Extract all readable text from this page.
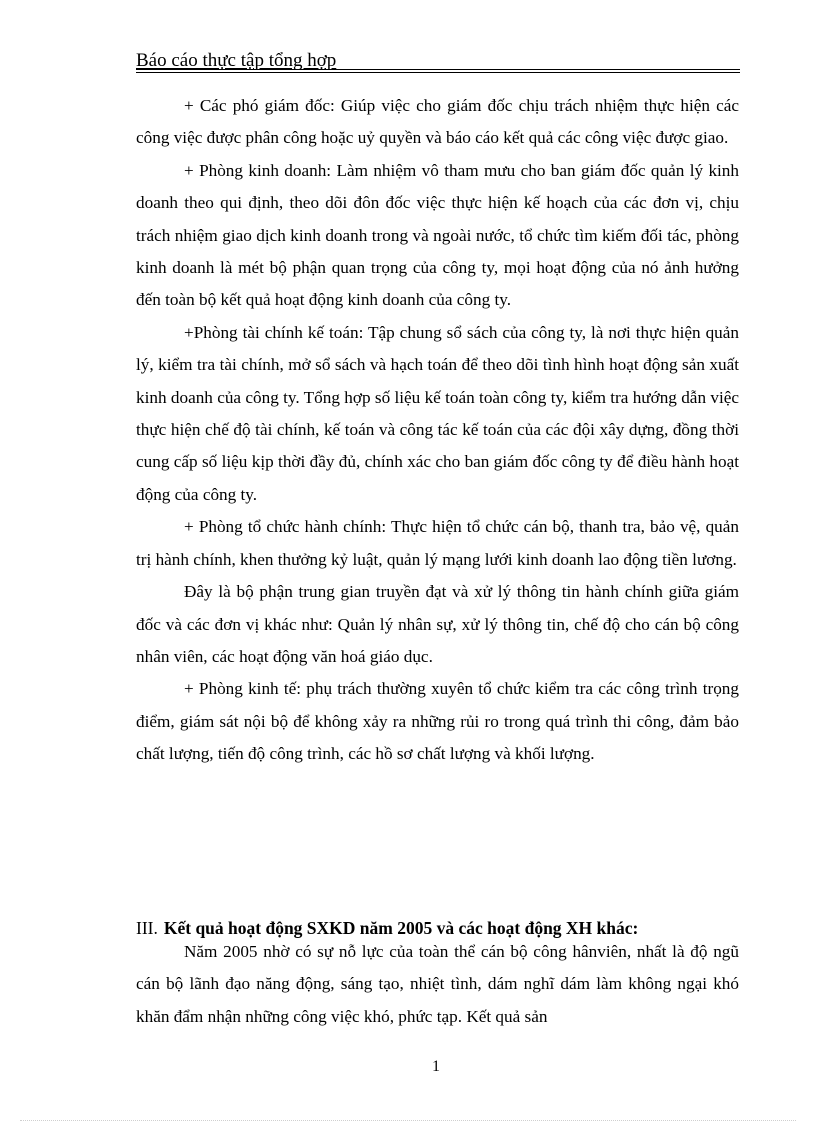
Báo cáo thực tập tổng hợp

+ Các phó giám đốc: Giúp việc cho giám đốc chịu trách nhiệm thực hiện các công việc được phân công hoặc uỷ quyền và báo cáo kết quả các công việc được giao.

+ Phòng kinh doanh: Làm nhiệm vô tham mưu cho ban giám đốc quản lý kinh doanh theo qui định, theo dõi đôn đốc việc thực hiện kế hoạch của các đơn vị, chịu trách nhiệm giao dịch kinh doanh trong và ngoài nước, tổ chức tìm kiếm đối tác, phòng kinh doanh là mét bộ phận quan trọng của công ty, mọi hoạt động của nó ảnh hưởng đến toàn bộ kết quả hoạt động kinh doanh của công ty.

+Phòng tài chính kế toán: Tập chung sổ sách của công ty, là nơi thực hiện quản lý, kiểm tra tài chính, mở sổ sách và hạch toán để theo dõi tình hình hoạt động sản xuất kinh doanh của công ty. Tổng hợp số liệu kế toán toàn công ty, kiểm tra hướng dẫn việc thực hiện chế độ tài chính, kế toán và công tác kế toán của các đội xây dựng, đồng thời cung cấp số liệu kịp thời đầy đủ, chính xác cho ban giám đốc công ty để điều hành hoạt động của công ty.

+ Phòng tổ chức hành chính: Thực hiện tổ chức cán bộ, thanh tra, bảo vệ, quản trị hành chính, khen thưởng kỷ luật, quản lý mạng lưới kinh doanh lao động tiền lương.

Đây là bộ phận trung gian truyền đạt và xử lý thông tin hành chính giữa giám đốc và các đơn vị khác như: Quản lý nhân sự, xử lý thông tin, chế độ cho cán bộ công nhân viên, các hoạt động văn hoá giáo dục.

+ Phòng kinh tế: phụ trách thường xuyên tổ chức kiểm tra các công trình trọng điểm, giám sát nội bộ để không xảy ra những rủi ro trong quá trình thi công, đảm bảo chất lượng, tiến độ công trình, các hồ sơ chất lượng và khối lượng.

III. Kết quả hoạt động SXKD năm 2005 và các hoạt động XH khác:

Năm 2005 nhờ có sự nỗ lực của toàn thể cán bộ công hânviên, nhất là độ ngũ cán bộ lãnh đạo năng động, sáng tạo, nhiệt tình, dám nghĩ dám làm không ngại khó khăn đẩm nhận những công việc khó, phức tạp. Kết quả sản

1
